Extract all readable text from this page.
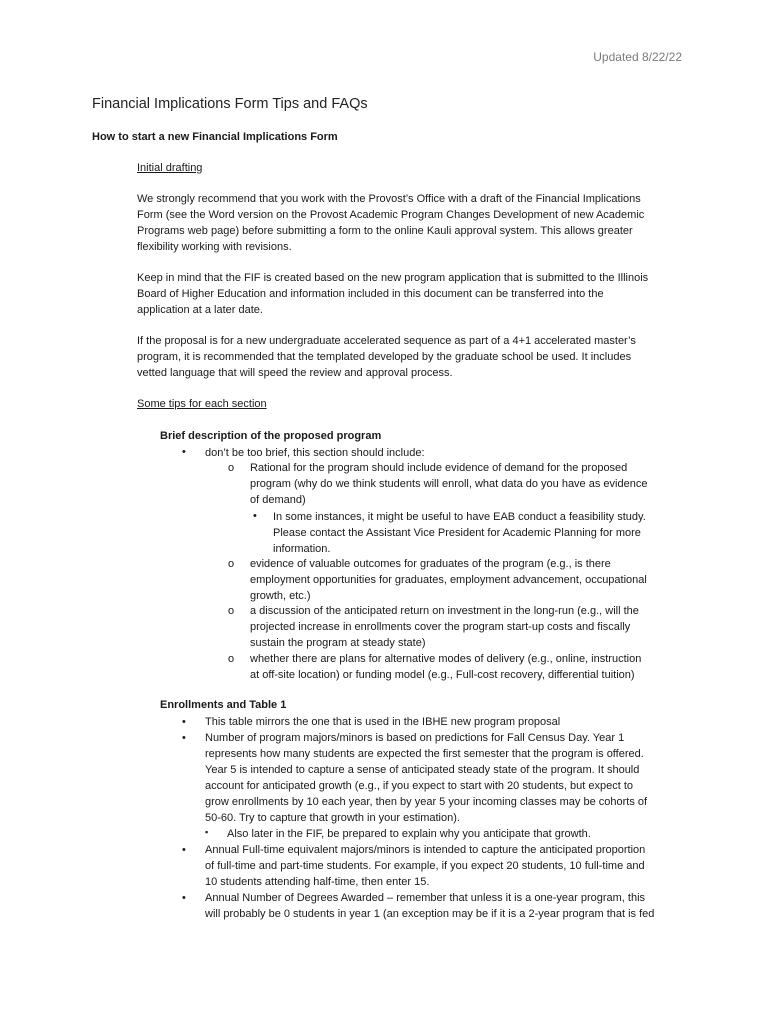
Updated 8/22/22
Financial Implications Form Tips and FAQs
How to start a new Financial Implications Form
Initial drafting
We strongly recommend that you work with the Provost’s Office with a draft of the Financial Implications
Form (see the Word version on the Provost Academic Program Changes Development of new Academic
Programs web page) before submitting a form to the online Kauli approval system. This allows greater
flexibility working with revisions.
Keep in mind that the FIF is created based on the new program application that is submitted to the Illinois
Board of Higher Education and information included in this document can be transferred into the
application at a later date.
If the proposal is for a new undergraduate accelerated sequence as part of a 4+1 accelerated master’s
program, it is recommended that the templated developed by the graduate school be used. It includes
vetted language that will speed the review and approval process.
Some tips for each section
Brief description of the proposed program
• don’t be too brief, this section should include:
o Rational for the program should include evidence of demand for the proposed
program (why do we think students will enroll, what data do you have as evidence
of demand)
• In some instances, it might be useful to have EAB conduct a feasibility study.
Please contact the Assistant Vice President for Academic Planning for more
information.
o evidence of valuable outcomes for graduates of the program (e.g., is there
employment opportunities for graduates, employment advancement, occupational
growth, etc.)
o a discussion of the anticipated return on investment in the long-run (e.g., will the
projected increase in enrollments cover the program start-up costs and fiscally
sustain the program at steady state)
o whether there are plans for alternative modes of delivery (e.g., online, instruction
at off-site location) or funding model (e.g., Full-cost recovery, differential tuition)
Enrollments and Table 1
• This table mirrors the one that is used in the IBHE new program proposal
• Number of program majors/minors is based on predictions for Fall Census Day. Year 1
represents how many students are expected the first semester that the program is offered.
Year 5 is intended to capture a sense of anticipated steady state of the program. It should
account for anticipated growth (e.g., if you expect to start with 20 students, but expect to
grow enrollments by 10 each year, then by year 5 your incoming classes may be cohorts of
50-60. Try to capture that growth in your estimation).
▪ Also later in the FIF, be prepared to explain why you anticipate that growth.
• Annual Full-time equivalent majors/minors is intended to capture the anticipated proportion
of full-time and part-time students. For example, if you expect 20 students, 10 full-time and
10 students attending half-time, then enter 15.
• Annual Number of Degrees Awarded – remember that unless it is a one-year program, this
will probably be 0 students in year 1 (an exception may be if it is a 2-year program that is fed
